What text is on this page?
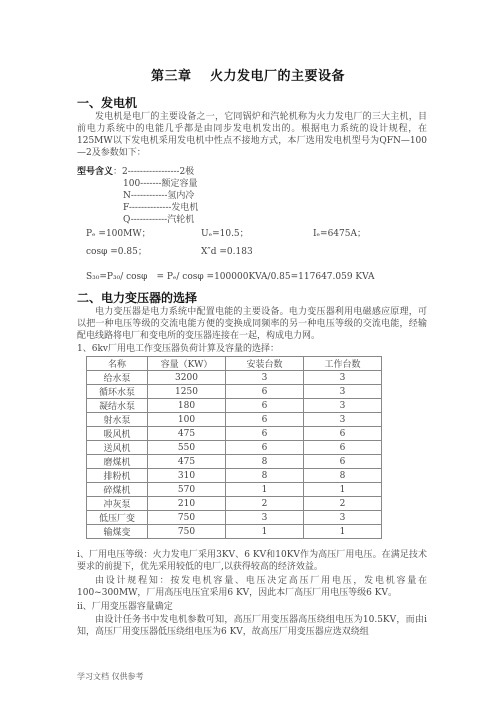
第三章　 火力发电厂的主要设备
一、发电机
发电机是电厂的主要设备之一，它同锅炉和汽轮机称为火力发电厂的三大主机，目前电力系统中的电能几乎都是由同步发电机发出的。根据电力系统的设计规程，在125MW以下发电机采用发电机中性点不接地方式，本厂选用发电机型号为QFN—100—2及参数如下：
型号含义：2-----------------2极
100-------额定容量
N------------氢内冷
F--------------发电机
Q------------汽轮机
Pₑ =100MW；	Uₑ=10.5；	Iₑ=6475A；
cosφ =0.85；	X″d =0.183
S₃₀=P₃₀/ cosφ　= Pₑ/ cosφ =100000KVA/0.85=117647.059 KVA
二、电力变压器的选择
电力变压器是电力系统中配置电能的主要设备。电力变压器利用电磁感应原理，可以把一种电压等级的交流电能方便的变换成同频率的另一种电压等级的交流电能，经输配电线路将电厂和变电所的变压器连接在一起，构成电力网。
1、6kv厂用电工作变压器负荷计算及容量的选择：
名称	容量（KW）	安装台数	工作台数
给水泵	3200	3	3
循环水泵	1250	6	3
凝结水泵	180	6	3
射水泵	100	6	3
吸风机	475	6	6
送风机	550	6	6
磨煤机	475	8	6
排粉机	310	8	8
碎煤机	570	1	1
冲灰泵	210	2	2
低压厂变	750	3	3
输煤变	750	1	1
i、厂用电压等级：火力发电厂采用3KV、6 KV和10KV作为高压厂用电压。在满足技术要求的前提下，优先采用较低的电厂,以获得较高的经济效益。
由设计规程知：按发电机容量、电压决定高压厂用电压，发电机容量在100~300MW，厂用高压电压宜采用6 KV，因此本厂高压厂用电压等级6 KV。
ii、厂用变压器容量确定
由设计任务书中发电机参数可知，高压厂用变压器高压绕组电压为10.5KV，而由i知，高压厂用变压器低压绕组电压为6 KV，故高压厂用变压器应选双绕组
学习文档 仅供参考
